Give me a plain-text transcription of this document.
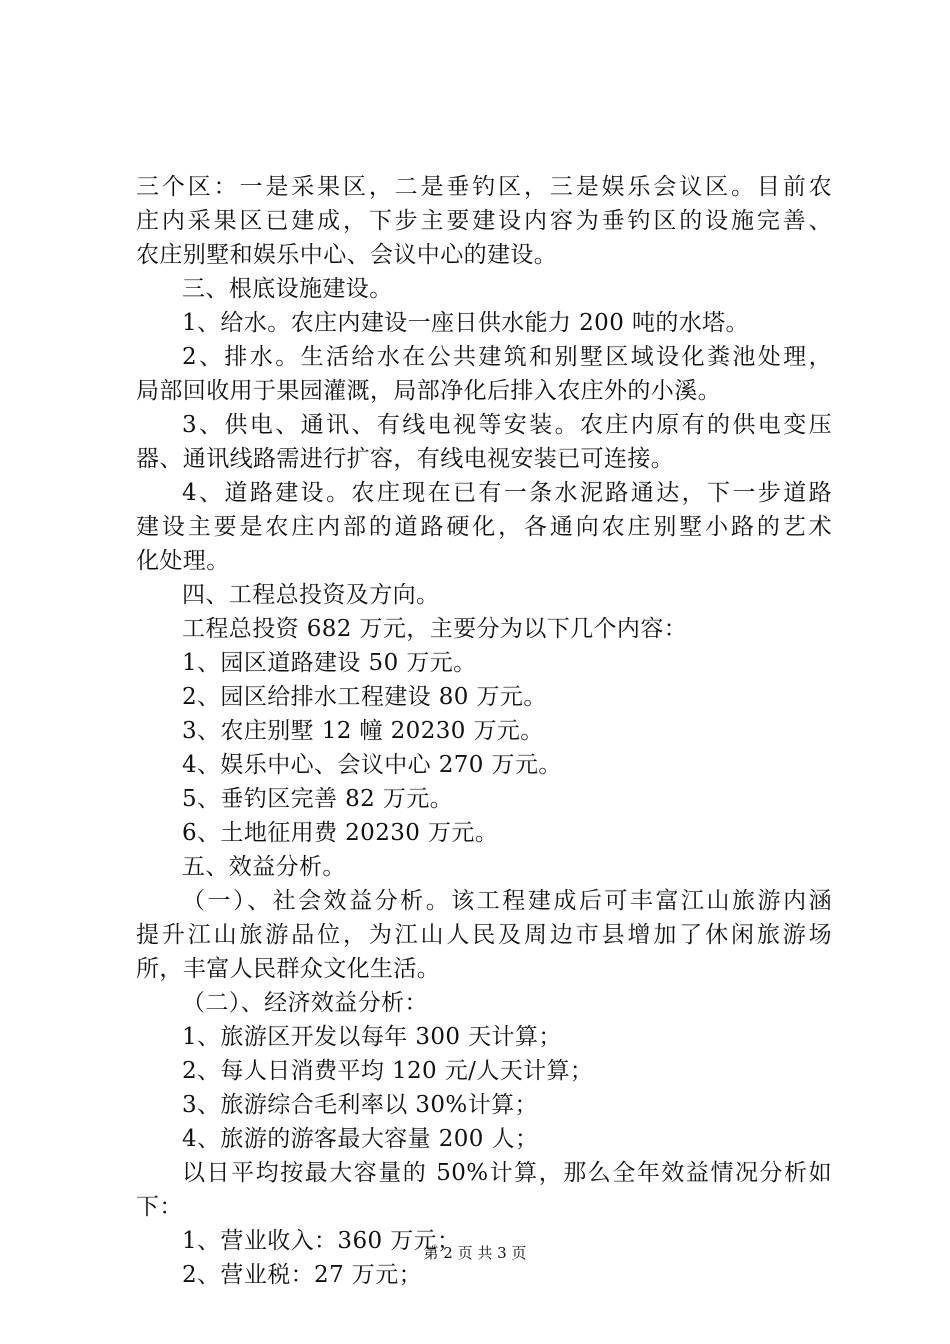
三个区：一是采果区，二是垂钓区，三是娱乐会议区。目前农
庄内采果区已建成，下步主要建设内容为垂钓区的设施完善、
农庄别墅和娱乐中心、会议中心的建设。
三、根底设施建设。
1、给水。农庄内建设一座日供水能力 200 吨的水塔。
2、排水。生活给水在公共建筑和别墅区域设化粪池处理，
局部回收用于果园灌溉，局部净化后排入农庄外的小溪。
3、供电、通讯、有线电视等安装。农庄内原有的供电变压
器、通讯线路需进行扩容，有线电视安装已可连接。
4、道路建设。农庄现在已有一条水泥路通达，下一步道路
建设主要是农庄内部的道路硬化，各通向农庄别墅小路的艺术
化处理。
四、工程总投资及方向。
工程总投资 682 万元，主要分为以下几个内容：
1、园区道路建设 50 万元。
2、园区给排水工程建设 80 万元。
3、农庄别墅 12 幢 20230 万元。
4、娱乐中心、会议中心 270 万元。
5、垂钓区完善 82 万元。
6、土地征用费 20230 万元。
五、效益分析。
（一）、社会效益分析。该工程建成后可丰富江山旅游内涵
提升江山旅游品位，为江山人民及周边市县增加了休闲旅游场
所，丰富人民群众文化生活。
（二）、经济效益分析：
1、旅游区开发以每年 300 天计算；
2、每人日消费平均 120 元/人天计算；
3、旅游综合毛利率以 30%计算；
4、旅游的游客最大容量 200 人；
以日平均按最大容量的 50%计算，那么全年效益情况分析如
下：
1、营业收入：360 万元；
2、营业税：27 万元；
第 2 页 共 3 页
